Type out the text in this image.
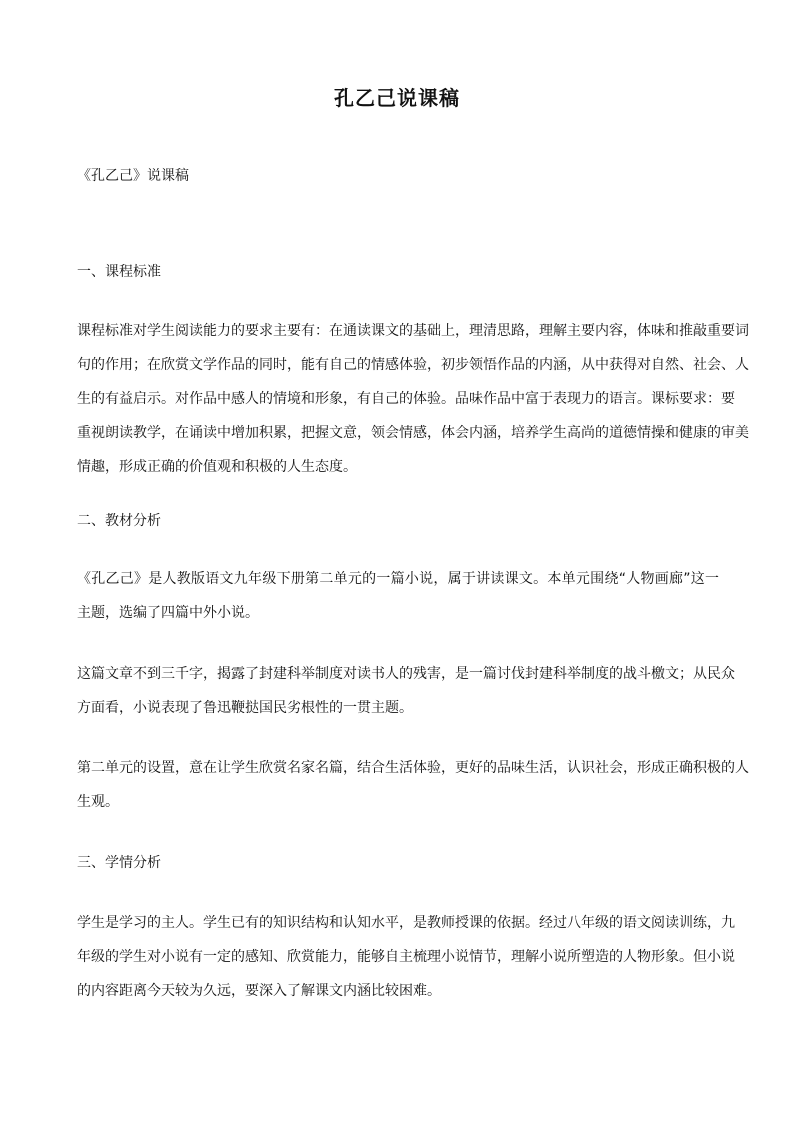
孔乙己说课稿
《孔乙己》说课稿
一、课程标准
课程标准对学生阅读能力的要求主要有：在通读课文的基础上，理清思路，理解主要内容，体味和推敲重要词
句的作用；在欣赏文学作品的同时，能有自己的情感体验，初步领悟作品的内涵，从中获得对自然、社会、人
生的有益启示。对作品中感人的情境和形象，有自己的体验。品味作品中富于表现力的语言。课标要求：要
重视朗读教学，在诵读中增加积累，把握文意，领会情感，体会内涵，培养学生高尚的道德情操和健康的审美
情趣，形成正确的价值观和积极的人生态度。
二、教材分析
《孔乙己》是人教版语文九年级下册第二单元的一篇小说，属于讲读课文。本单元围绕“人物画廊”这一
主题，选编了四篇中外小说。
这篇文章不到三千字，揭露了封建科举制度对读书人的残害，是一篇讨伐封建科举制度的战斗檄文；从民众
方面看，小说表现了鲁迅鞭挞国民劣根性的一贯主题。
第二单元的设置，意在让学生欣赏名家名篇，结合生活体验，更好的品味生活，认识社会，形成正确积极的人
生观。
三、学情分析
学生是学习的主人。学生已有的知识结构和认知水平，是教师授课的依据。经过八年级的语文阅读训练，九
年级的学生对小说有一定的感知、欣赏能力，能够自主梳理小说情节，理解小说所塑造的人物形象。但小说
的内容距离今天较为久远，要深入了解课文内涵比较困难。
